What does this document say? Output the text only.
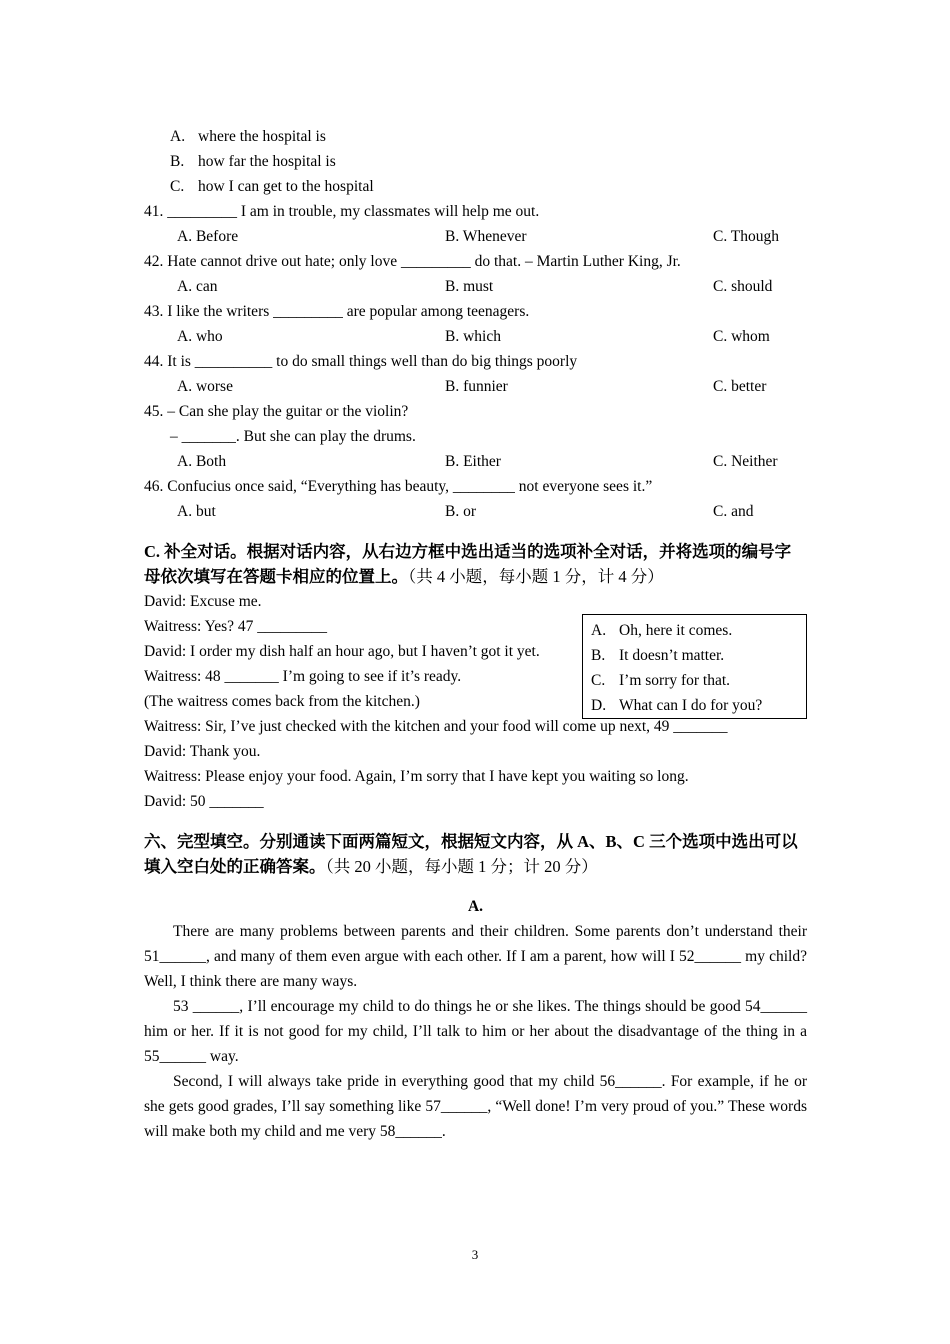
A. where the hospital is
B. how far the hospital is
C. how I can get to the hospital
41. _________ I am in trouble, my classmates will help me out.
A. Before	B. Whenever	C. Though
42. Hate cannot drive out hate; only love _________ do that. – Martin Luther King, Jr.
A. can	B. must	C. should
43. I like the writers _________ are popular among teenagers.
A. who	B. which	C. whom
44. It is __________ to do small things well than do big things poorly
A. worse	B. funnier	C. better
45. – Can she play the guitar or the violin?
– _______. But she can play the drums.
A. Both	B. Either	C. Neither
46. Confucius once said, “Everything has beauty, ________ not everyone sees it.”
A. but	B. or	C. and
C. 补全对话。根据对话内容，从右边方框中选出适当的选项补全对话，并将选项的编号字母依次填写在答题卡相应的位置上。（共 4 小题，每小题 1 分，计 4 分）
David: Excuse me.
A. Oh, here it comes.
B. It doesn’t matter.
C. I’m sorry for that.
D. What can I do for you?
Waitress: Yes? 47 _________
David: I order my dish half an hour ago, but I haven’t got it yet.
Waitress: 48 _______ I’m going to see if it’s ready.
(The waitress comes back from the kitchen.)
Waitress: Sir, I’ve just checked with the kitchen and your food will come up next, 49 _______
David: Thank you.
Waitress: Please enjoy your food. Again, I’m sorry that I have kept you waiting so long.
David: 50 _______
六、完型填空。分别通读下面两篇短文，根据短文内容，从 A、B、C 三个选项中选出可以填入空白处的正确答案。（共 20 小题，每小题 1 分；计 20 分）
A.
There are many problems between parents and their children. Some parents don’t understand their 51______, and many of them even argue with each other. If I am a parent, how will I 52______ my child? Well, I think there are many ways.
53 ______, I’ll encourage my child to do things he or she likes. The things should be good 54______ him or her. If it is not good for my child, I’ll talk to him or her about the disadvantage of the thing in a 55______ way.
Second, I will always take pride in everything good that my child 56______. For example, if he or she gets good grades, I’ll say something like 57______, “Well done! I’m very proud of you.” These words will make both my child and me very 58______.
3
